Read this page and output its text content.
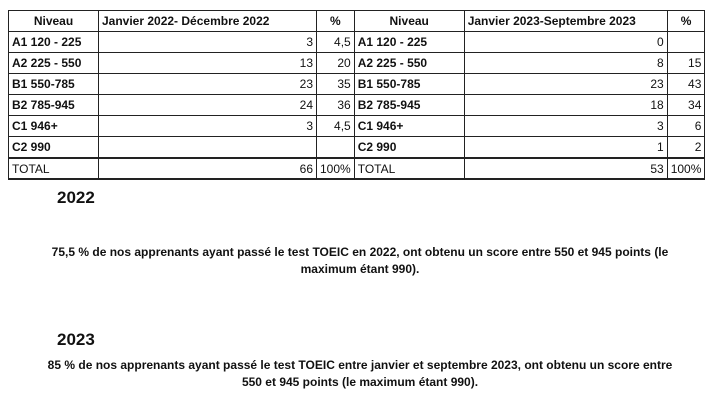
Niveau	Janvier 2022- Décembre 2022	%	Niveau	Janvier 2023-Septembre 2023	%
A1 120 - 225	3	4,5	A1 120 - 225	0	
A2 225 - 550	13	20	A2 225 - 550	8	15
B1 550-785	23	35	B1 550-785	23	43
B2 785-945	24	36	B2 785-945	18	34
C1 946+	3	4,5	C1 946+	3	6
C2 990			C2 990	1	2
TOTAL	66	100%	TOTAL	53	100%
2022
75,5 % de nos apprenants ayant passé le test TOEIC en 2022, ont obtenu un score entre 550 et 945 points (le
maximum étant 990).
2023
85 % de nos apprenants ayant passé le test TOEIC entre janvier et septembre 2023, ont obtenu un score entre
550 et 945 points (le maximum étant 990).
